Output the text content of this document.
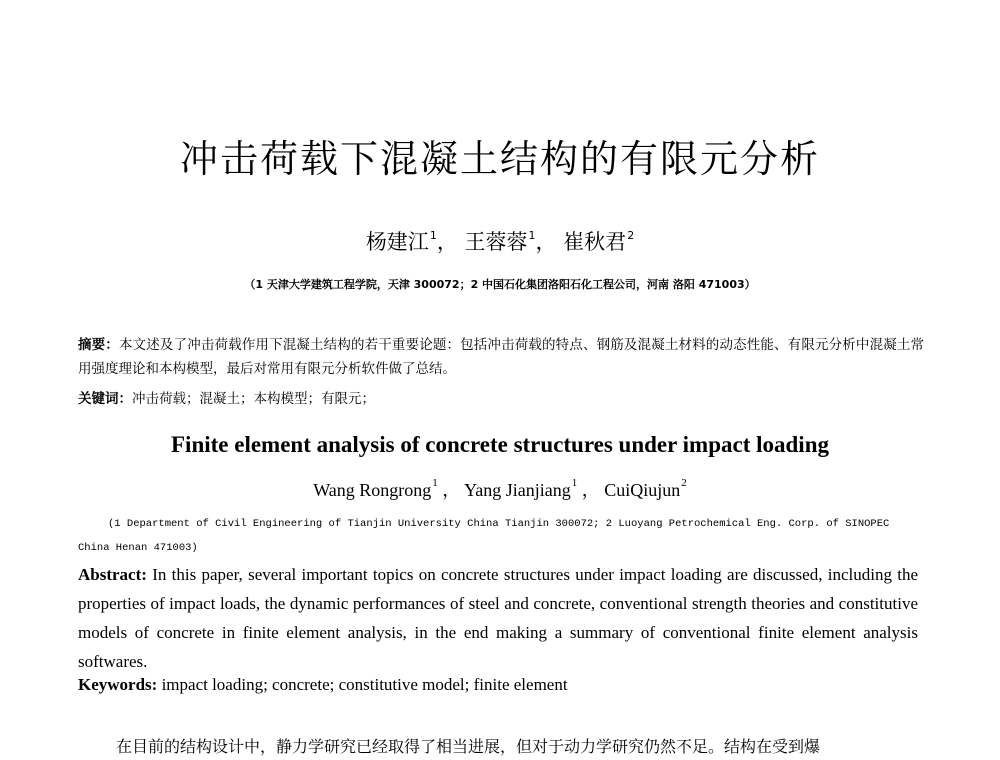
冲击荷载下混凝土结构的有限元分析
杨建江$^1$， 王蓉蓉$^1$， 崔秋君$^2$
（1 天津大学建筑工程学院，天津 300072；2 中国石化集团洛阳石化工程公司，河南 洛阳 471003）
摘要：本文述及了冲击荷载作用下混凝土结构的若干重要论题：包括冲击荷载的特点、钢筋及混凝土材料的动态性能、有限元分析中混凝土常用强度理论和本构模型，最后对常用有限元分析软件做了总结。
关键词：冲击荷载；混凝土；本构模型；有限元；
Finite element analysis of concrete structures under impact loading
Wang Rongrong$^1$ ， Yang Jianjiang$^1$ ， CuiQiujun$^2$
(1 Department of Civil Engineering of Tianjin University China Tianjin 300072; 2 Luoyang Petrochemical Eng. Corp. of SINOPEC
China Henan 471003)
Abstract: In this paper, several important topics on concrete structures under impact loading are discussed, including the properties of impact loads, the dynamic performances of steel and concrete, conventional strength theories and constitutive models of concrete in finite element analysis, in the end making a summary of conventional finite element analysis softwares.
Keywords: impact loading; concrete; constitutive model; finite element
在目前的结构设计中，静力学研究已经取得了相当进展，但对于动力学研究仍然不足。结构在受到爆
